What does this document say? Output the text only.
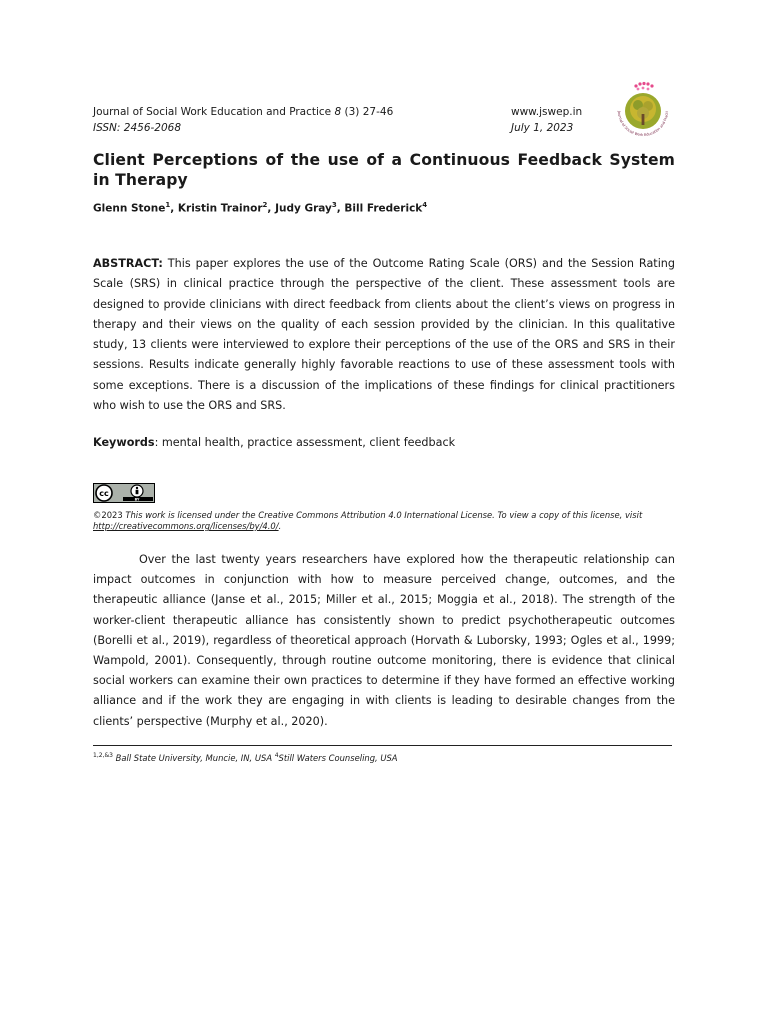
Journal of Social Work Education and Practice 8 (3) 27-46
ISSN: 2456-2068
www.jswep.in
July 1, 2023
Journal of Social Work Education and Practi
Client Perceptions of the use of a Continuous Feedback System in Therapy
Glenn Stone$^1$, Kristin Trainor$^2$, Judy Gray$^3$, Bill Frederick$^4$
ABSTRACT: This paper explores the use of the Outcome Rating Scale (ORS) and the Session Rating Scale (SRS) in clinical practice through the perspective of the client. These assessment tools are designed to provide clinicians with direct feedback from clients about the client’s views on progress in therapy and their views on the quality of each session provided by the clinician. In this qualitative study, 13 clients were interviewed to explore their perceptions of the use of the ORS and SRS in their sessions. Results indicate generally highly favorable reactions to use of these assessment tools with some exceptions. There is a discussion of the implications of these findings for clinical practitioners who wish to use the ORS and SRS.
Keywords: mental health, practice assessment, client feedback
cc
BY
©2023 This work is licensed under the Creative Commons Attribution 4.0 International License. To view a copy of this license, visit http://creativecommons.org/licenses/by/4.0/.
Over the last twenty years researchers have explored how the therapeutic relationship can impact outcomes in conjunction with how to measure perceived change, outcomes, and the therapeutic alliance (Janse et al., 2015; Miller et al., 2015; Moggia et al., 2018). The strength of the worker-client therapeutic alliance has consistently shown to predict psychotherapeutic outcomes (Borelli et al., 2019), regardless of theoretical approach (Horvath & Luborsky, 1993; Ogles et al., 1999; Wampold, 2001). Consequently, through routine outcome monitoring, there is evidence that clinical social workers can examine their own practices to determine if they have formed an effective working alliance and if the work they are engaging in with clients is leading to desirable changes from the clients’ perspective (Murphy et al., 2020).
$^{1,2,\&3}$ Ball State University, Muncie, IN, USA $^4$Still Waters Counseling, USA
